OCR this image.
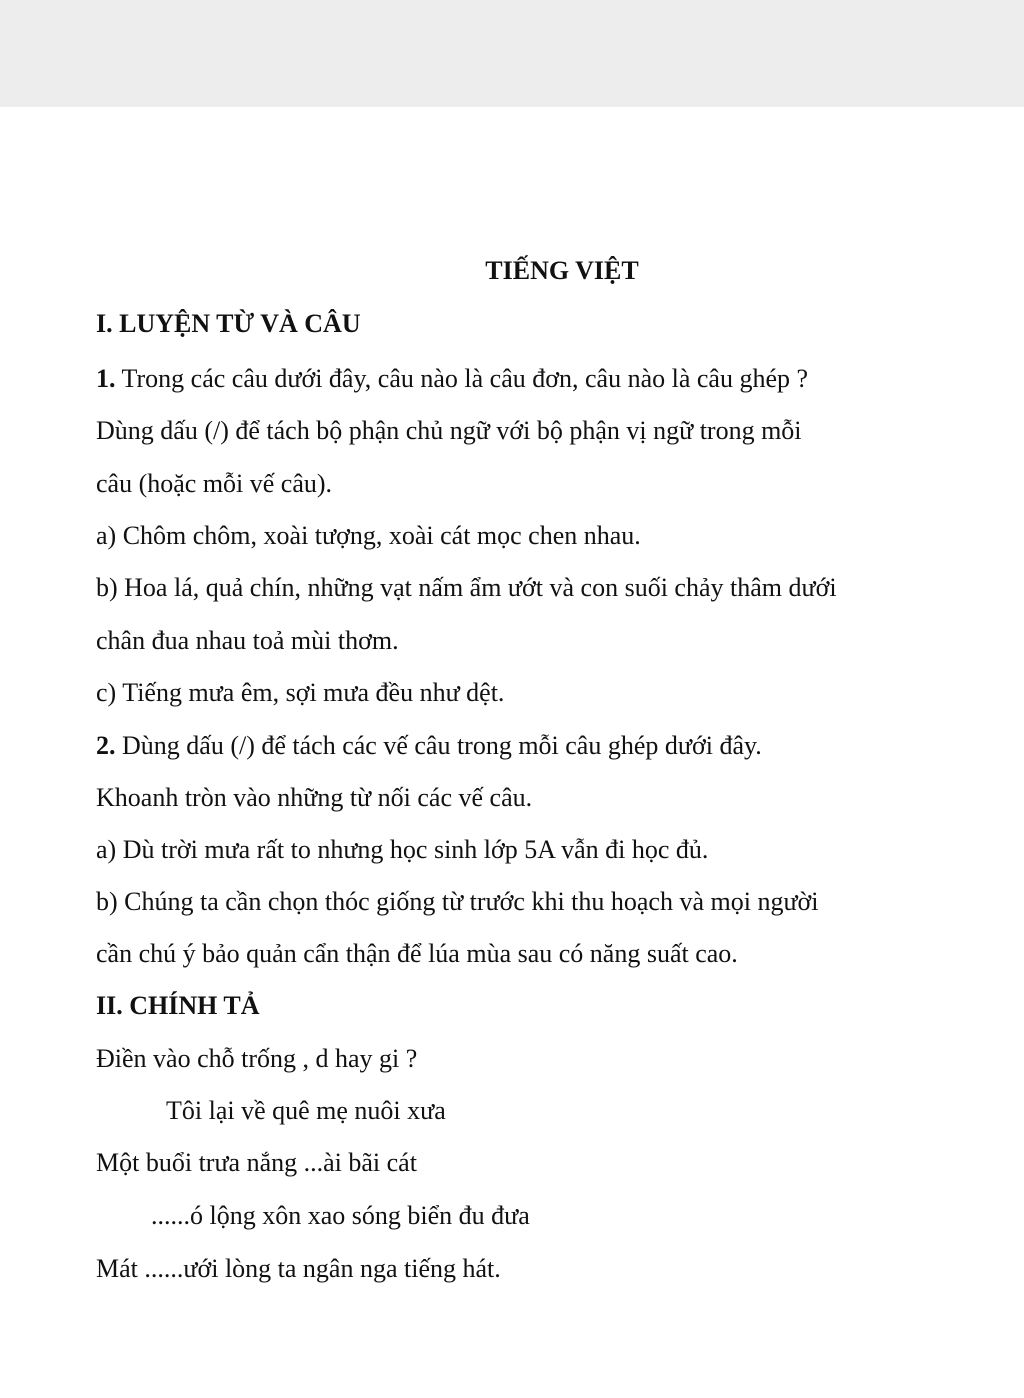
TIẾNG VIỆT
I. LUYỆN TỪ VÀ CÂU
1. Trong các câu dưới đây, câu nào là câu đơn, câu nào là câu ghép ?
Dùng dấu (/) để tách bộ phận chủ ngữ với bộ phận vị ngữ trong mỗi
câu (hoặc mỗi vế câu).
a) Chôm chôm, xoài tượng, xoài cát mọc chen nhau.
b) Hoa lá, quả chín, những vạt nấm ẩm ướt và con suối chảy thâm dưới
chân đua nhau toả mùi thơm.
c) Tiếng mưa êm, sợi mưa đều như dệt.
2. Dùng dấu (/) để tách các vế câu trong mỗi câu ghép dưới đây.
Khoanh tròn vào những từ nối các vế câu.
a) Dù trời mưa rất to nhưng học sinh lớp 5A vẫn đi học đủ.
b) Chúng ta cần chọn thóc giống từ trước khi thu hoạch và mọi người
cần chú ý bảo quản cẩn thận để lúa mùa sau có năng suất cao.
II. CHÍNH TẢ
Điền vào chỗ trống , d hay gi ?
Tôi lại về quê mẹ nuôi xưa
Một buổi trưa nắng ...ài bãi cát
......ó lộng xôn xao sóng biển đu đưa
Mát ......ưới lòng ta ngân nga tiếng hát.
